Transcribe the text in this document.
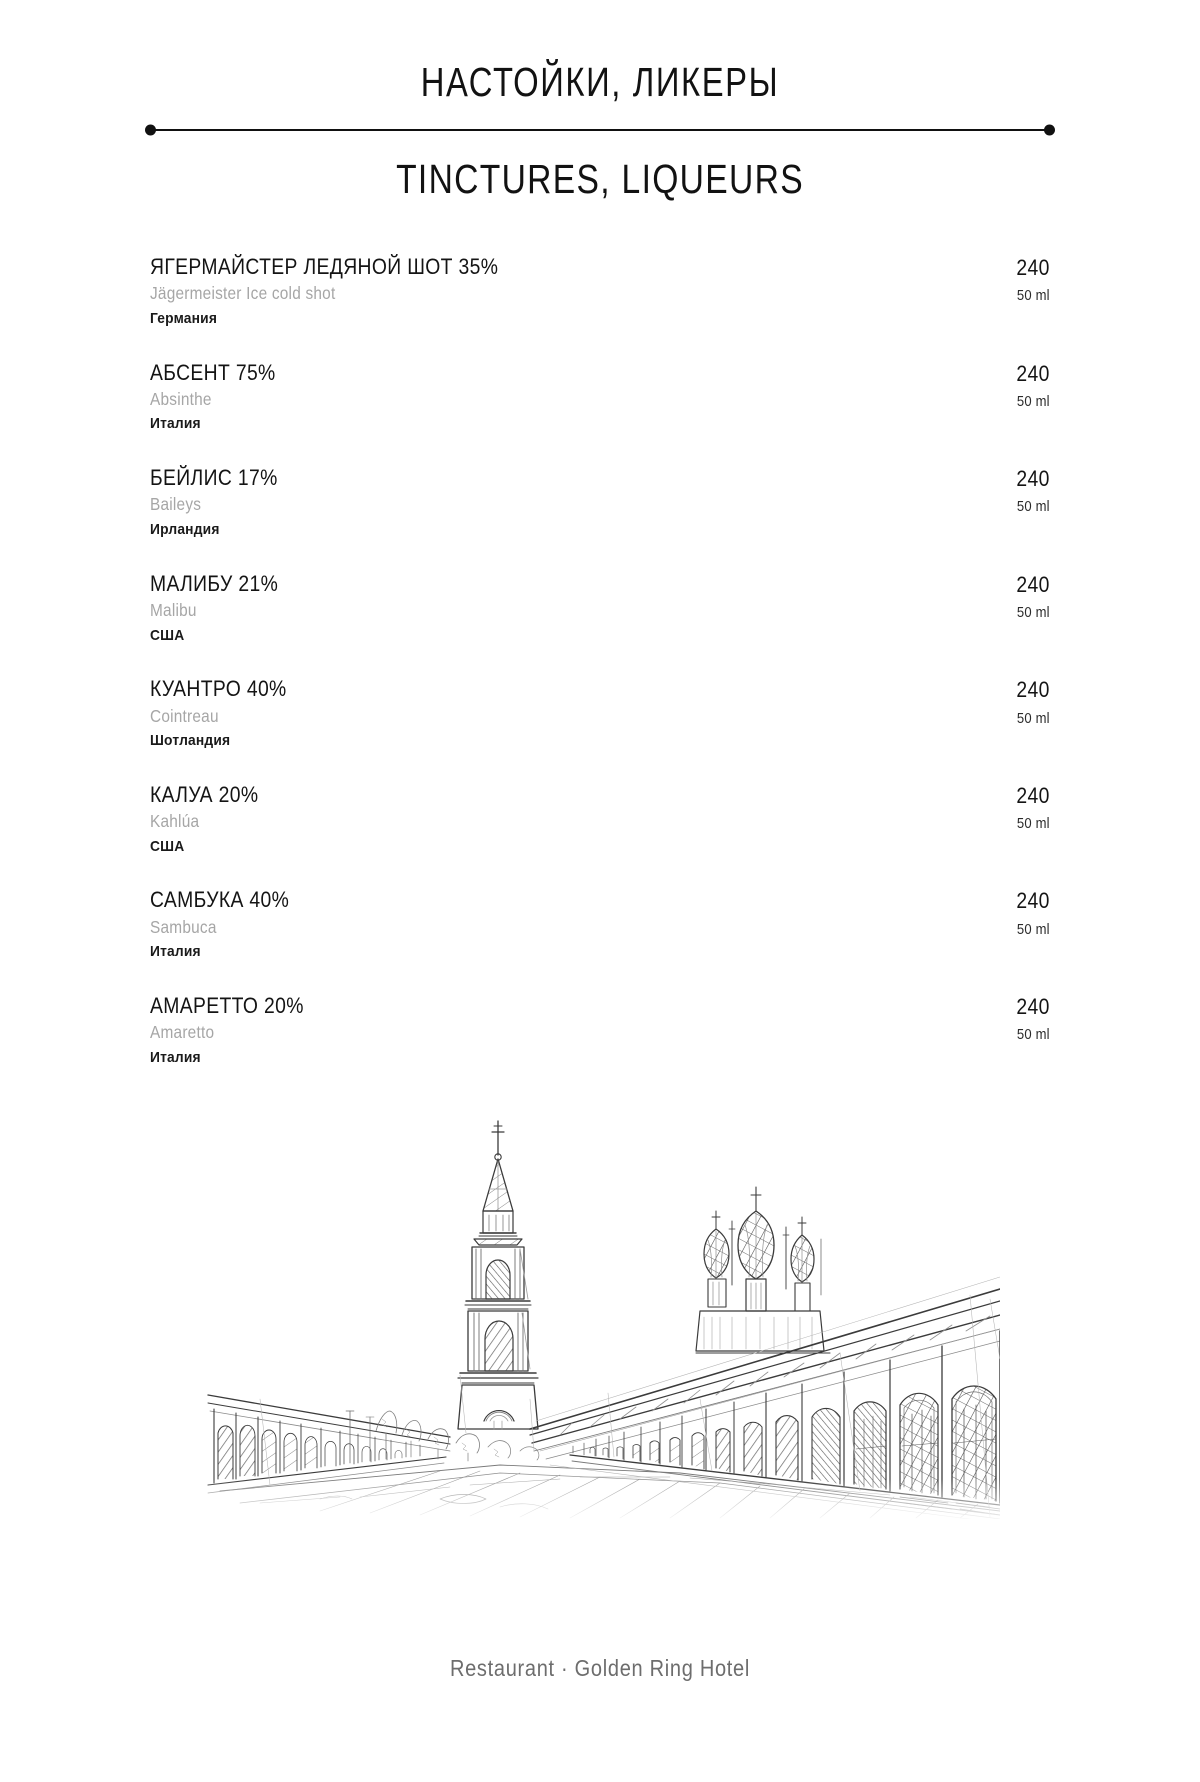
НАСТОЙКИ, ЛИКЕРЫ
TINCTURES, LIQUEURS
ЯГЕРМАЙСТЕР ЛЕДЯНОЙ ШОТ 35%
Jägermeister Ice cold shot
Германия
240
50 ml
АБСЕНТ 75%
Absinthe
Италия
240
50 ml
БЕЙЛИС 17%
Baileys
Ирландия
240
50 ml
МАЛИБУ 21%
Malibu
США
240
50 ml
КУАНТРО 40%
Cointreau
Шотландия
240
50 ml
КАЛУА 20%
Kahlúa
США
240
50 ml
САМБУКА 40%
Sambuca
Италия
240
50 ml
АМАРЕТТО 20%
Amaretto
Италия
240
50 ml
Restaurant · Golden Ring Hotel
